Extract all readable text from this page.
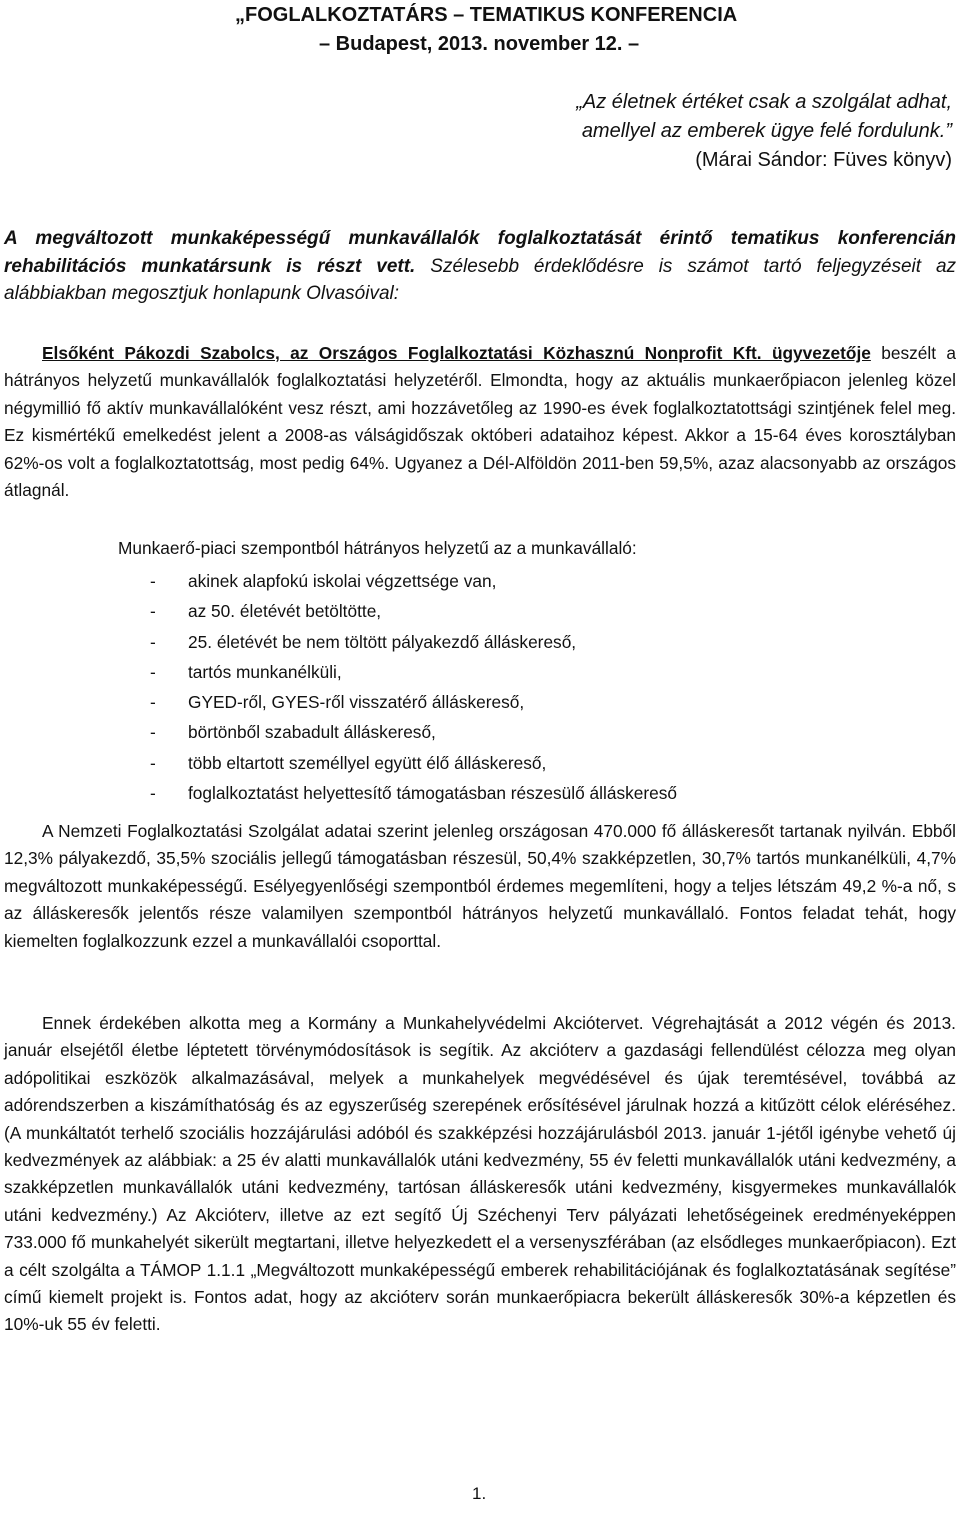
„FOGLALKOZTATÁRS – TEMATIKUS KONFERENCIA
– Budapest, 2013. november 12. –
„Az életnek értéket csak a szolgálat adhat,
amellyel az emberek ügye felé fordulunk.”
(Márai Sándor: Füves könyv)
A megváltozott munkaképességű munkavállalók foglalkoztatását érintő tematikus konferencián rehabilitációs munkatársunk is részt vett. Szélesebb érdeklődésre is számot tartó feljegyzéseit az alábbiakban megosztjuk honlapunk Olvasóival:
Elsőként Pákozdi Szabolcs, az Országos Foglalkoztatási Közhasznú Nonprofit Kft. ügyvezetője beszélt a hátrányos helyzetű munkavállalók foglalkoztatási helyzetéről. Elmondta, hogy az aktuális munkaerőpiacon jelenleg közel négymillió fő aktív munkavállalóként vesz részt, ami hozzávetőleg az 1990-es évek foglalkoztatottsági szintjének felel meg. Ez kismértékű emelkedést jelent a 2008-as válságidőszak októberi adataihoz képest. Akkor a 15-64 éves korosztályban 62%-os volt a foglalkoztatottság, most pedig 64%. Ugyanez a Dél-Alföldön 2011-ben 59,5%, azaz alacsonyabb az országos átlagnál.
Munkaerő-piaci szempontból hátrányos helyzetű az a munkavállaló:
- akinek alapfokú iskolai végzettsége van,
- az 50. életévét betöltötte,
- 25. életévét be nem töltött pályakezdő álláskereső,
- tartós munkanélküli,
- GYED-ről, GYES-ről visszatérő álláskereső,
- börtönből szabadult álláskereső,
- több eltartott személlyel együtt élő álláskereső,
- foglalkoztatást helyettesítő támogatásban részesülő álláskereső
A Nemzeti Foglalkoztatási Szolgálat adatai szerint jelenleg országosan 470.000 fő álláskeresőt tartanak nyilván. Ebből 12,3% pályakezdő, 35,5% szociális jellegű támogatásban részesül, 50,4% szakképzetlen, 30,7% tartós munkanélküli, 4,7% megváltozott munkaképességű. Esélyegyenlőségi szempontból érdemes megemlíteni, hogy a teljes létszám 49,2 %-a nő, s az álláskeresők jelentős része valamilyen szempontból hátrányos helyzetű munkavállaló. Fontos feladat tehát, hogy kiemelten foglalkozzunk ezzel a munkavállalói csoporttal.
Ennek érdekében alkotta meg a Kormány a Munkahelyvédelmi Akciótervet. Végrehajtását a 2012 végén és 2013. január elsejétől életbe léptetett törvénymódosítások is segítik. Az akcióterv a gazdasági fellendülést célozza meg olyan adópolitikai eszközök alkalmazásával, melyek a munkahelyek megvédésével és újak teremtésével, továbbá az adórendszerben a kiszámíthatóság és az egyszerűség szerepének erősítésével járulnak hozzá a kitűzött célok eléréséhez. (A munkáltatót terhelő szociális hozzájárulási adóból és szakképzési hozzájárulásból 2013. január 1-jétől igénybe vehető új kedvezmények az alábbiak: a 25 év alatti munkavállalók utáni kedvezmény, 55 év feletti munkavállalók utáni kedvezmény, a szakképzetlen munkavállalók utáni kedvezmény, tartósan álláskeresők utáni kedvezmény, kisgyermekes munkavállalók utáni kedvezmény.) Az Akcióterv, illetve az ezt segítő Új Széchenyi Terv pályázati lehetőségeinek eredményeképpen 733.000 fő munkahelyét sikerült megtartani, illetve helyezkedett el a versenyszférában (az elsődleges munkaerőpiacon). Ezt a célt szolgálta a TÁMOP 1.1.1 „Megváltozott munkaképességű emberek rehabilitációjának és foglalkoztatásának segítése” című kiemelt projekt is. Fontos adat, hogy az akcióterv során munkaerőpiacra bekerült álláskeresők 30%-a képzetlen és 10%-uk 55 év feletti.
1.
